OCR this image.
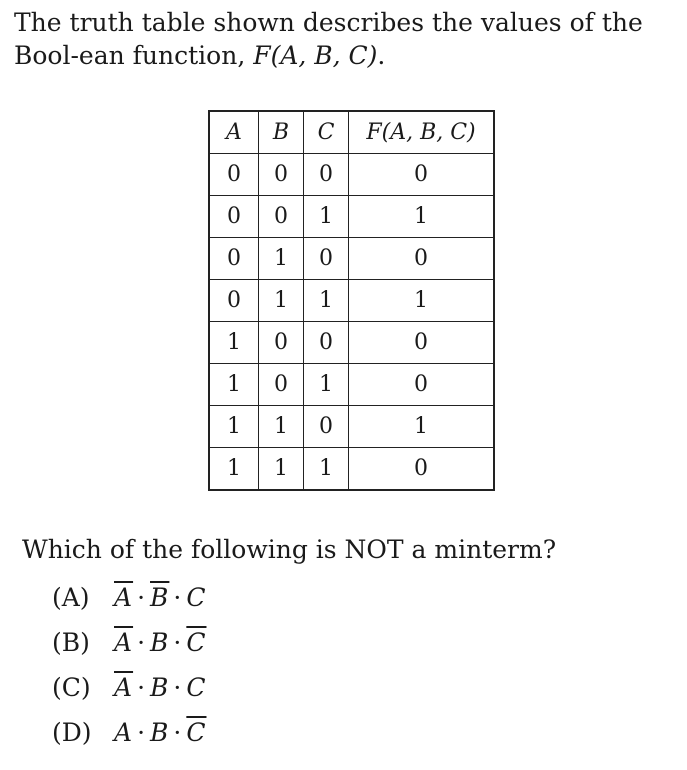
The truth table shown describes the values of the Bool-ean function, F(A, B, C).

A	B	C	F(A, B, C)
0	0	0	0
0	0	1	1
0	1	0	0
0	1	1	1
1	0	0	0
1	0	1	0
1	1	0	1
1	1	1	0

Which of the following is NOT a minterm?

(A) $\overline{A} \cdot \overline{B} \cdot C$
(B) $\overline{A} \cdot B \cdot \overline{C}$
(C) $\overline{A} \cdot B \cdot C$
(D) $A \cdot B \cdot \overline{C}$
